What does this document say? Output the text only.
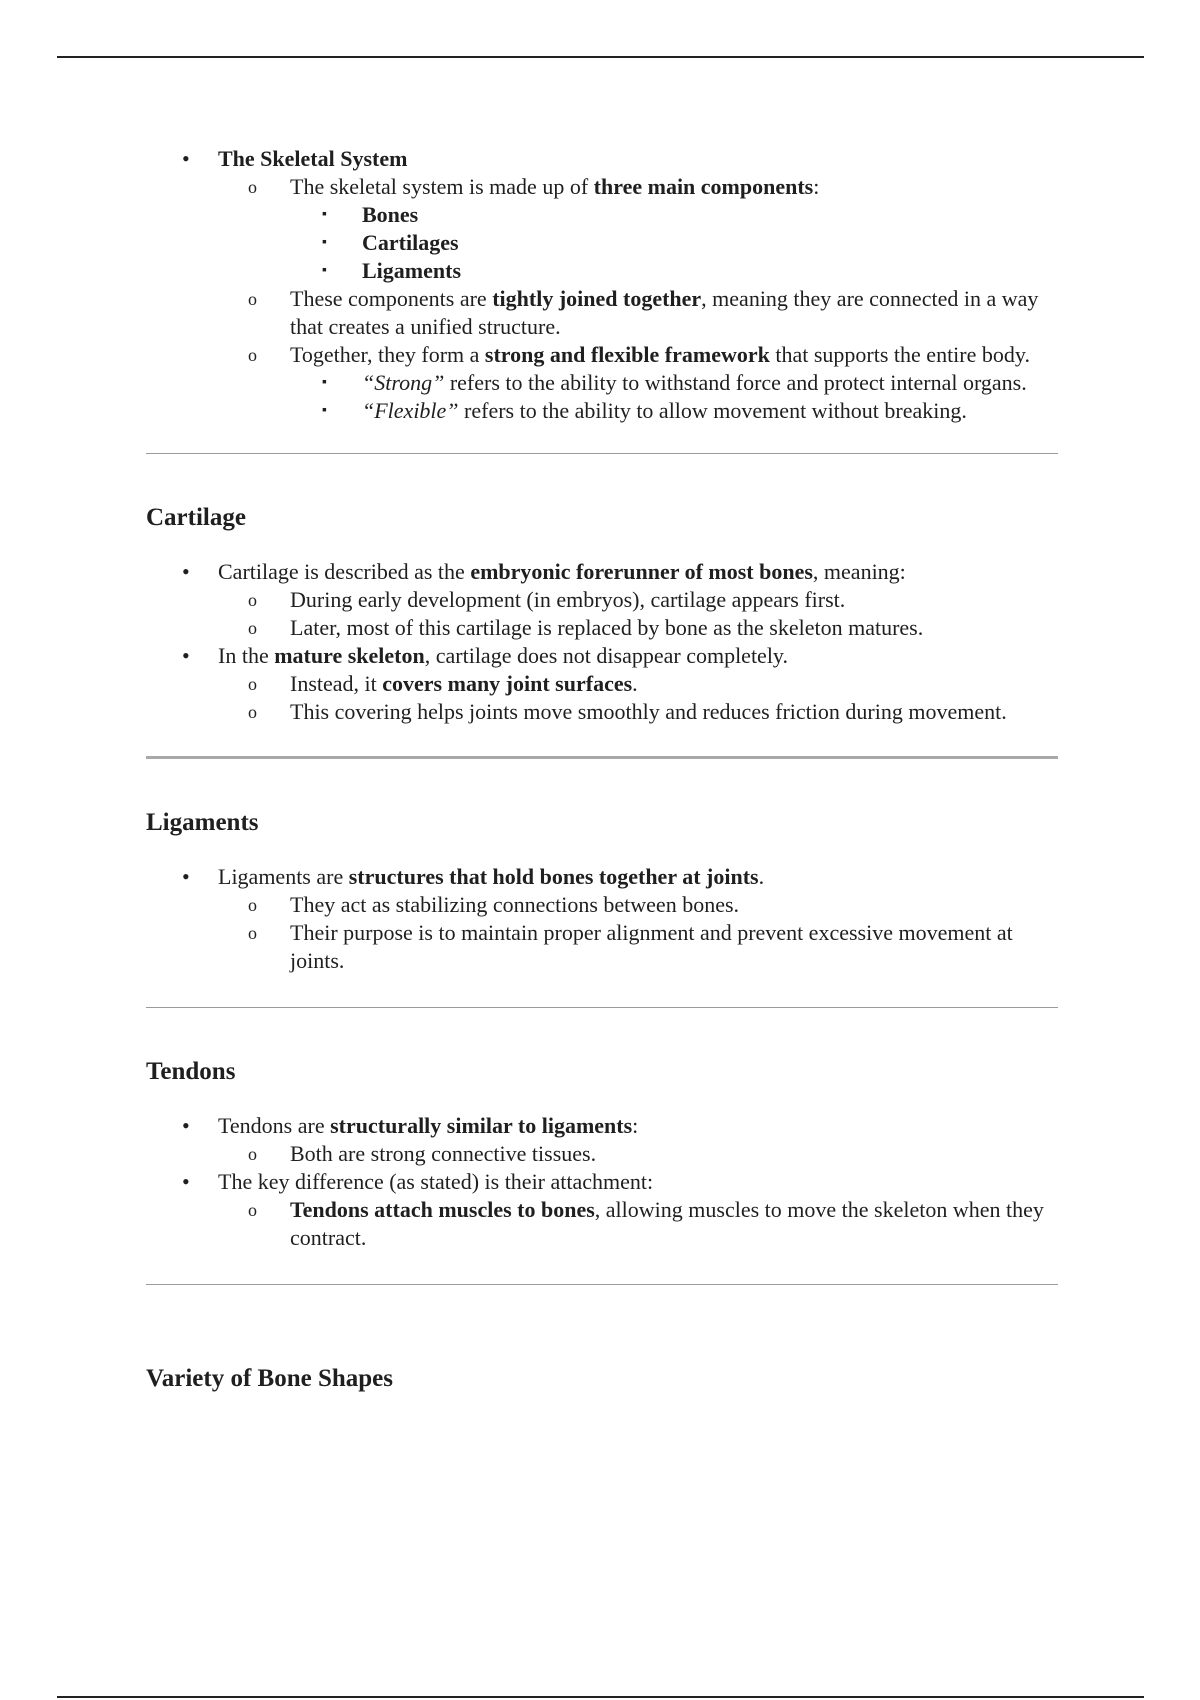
• The Skeletal System
o The skeletal system is made up of three main components:
▪ Bones
▪ Cartilages
▪ Ligaments
o These components are tightly joined together, meaning they are connected in a way that creates a unified structure.
o Together, they form a strong and flexible framework that supports the entire body.
▪ “Strong” refers to the ability to withstand force and protect internal organs.
▪ “Flexible” refers to the ability to allow movement without breaking.
Cartilage
• Cartilage is described as the embryonic forerunner of most bones, meaning:
o During early development (in embryos), cartilage appears first.
o Later, most of this cartilage is replaced by bone as the skeleton matures.
• In the mature skeleton, cartilage does not disappear completely.
o Instead, it covers many joint surfaces.
o This covering helps joints move smoothly and reduces friction during movement.
Ligaments
• Ligaments are structures that hold bones together at joints.
o They act as stabilizing connections between bones.
o Their purpose is to maintain proper alignment and prevent excessive movement at joints.
Tendons
• Tendons are structurally similar to ligaments:
o Both are strong connective tissues.
• The key difference (as stated) is their attachment:
o Tendons attach muscles to bones, allowing muscles to move the skeleton when they contract.
Variety of Bone Shapes
